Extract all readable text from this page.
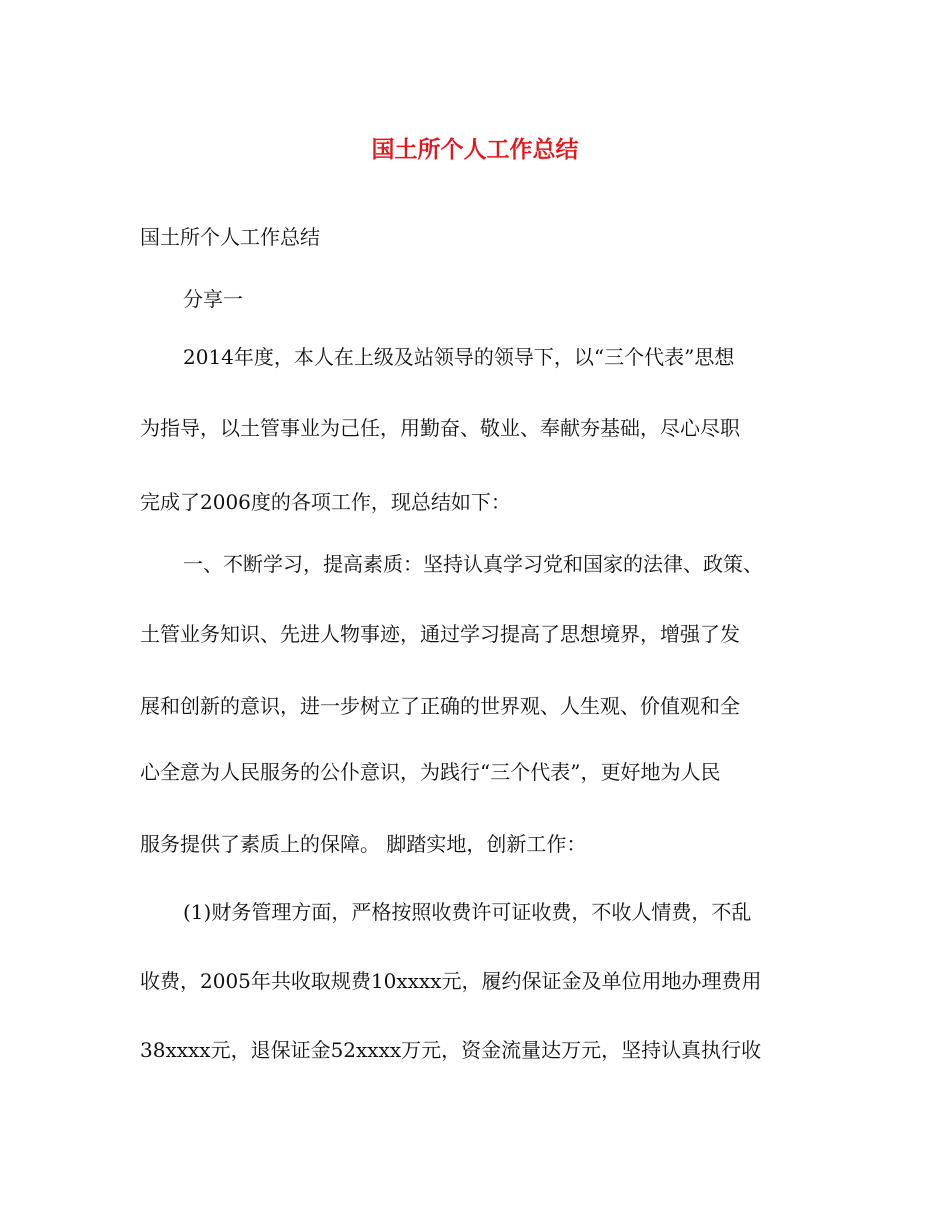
国土所个人工作总结
国土所个人工作总结
分享一
2014年度，本人在上级及站领导的领导下，以“三个代表”思想
为指导，以土管事业为己任，用勤奋、敬业、奉献夯基础，尽心尽职
完成了2006度的各项工作，现总结如下：
一、不断学习，提高素质：坚持认真学习党和国家的法律、政策、
土管业务知识、先进人物事迹，通过学习提高了思想境界，增强了发
展和创新的意识，进一步树立了正确的世界观、人生观、价值观和全
心全意为人民服务的公仆意识，为践行“三个代表”，更好地为人民
服务提供了素质上的保障。 脚踏实地，创新工作：
(1)财务管理方面，严格按照收费许可证收费，不收人情费，不乱
收费，2005年共收取规费10xxxx元，履约保证金及单位用地办理费用
38xxxx元，退保证金52xxxx万元，资金流量达万元，坚持认真执行收
